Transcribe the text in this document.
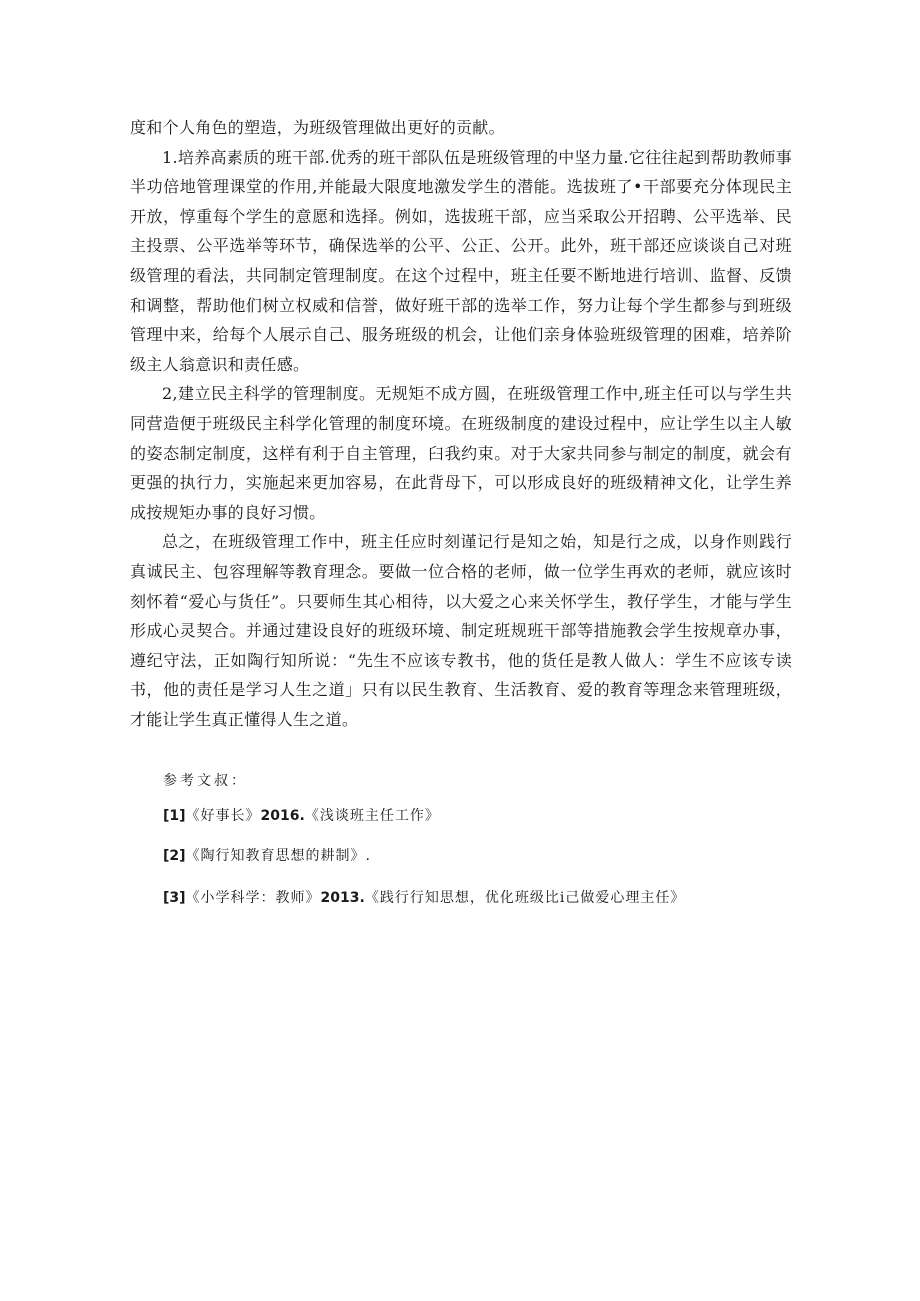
度和个人角色的塑造，为班级管理做出更好的贡献。

1.培养高素质的班干部.优秀的班干部队伍是班级管理的中坚力量.它往往起到帮助教师事半功倍地管理课堂的作用,并能最大限度地激发学生的潜能。选拔班了•干部要充分体现民主开放，惇重每个学生的意愿和选择。例如，选拔班干部，应当采取公开招聘、公平选举、民主投票、公平选举等环节，确保选举的公平、公正、公开。此外，班干部还应谈谈自己对班级管理的看法，共同制定管理制度。在这个过程中，班主任要不断地进行培训、监督、反馈和调整，帮助他们树立权威和信誉，做好班干部的选举工作，努力让每个学生都参与到班级管理中来，给每个人展示自己、服务班级的机会，让他们亲身体验班级管理的困难，培养阶级主人翁意识和责任感。

2,建立民主科学的管理制度。无规矩不成方圆，在班级管理工作中,班主任可以与学生共同营造便于班级民主科学化管理的制度环境。在班级制度的建设过程中，应让学生以主人敏的姿态制定制度，这样有利于自主管理，臼我约束。对于大家共同参与制定的制度，就会有更强的执行力，实施起来更加容易，在此背母下，可以形成良好的班级精神文化，让学生养成按规矩办事的良好习惯。

总之，在班级管理工作中，班主任应时刻谨记行是知之始，知是行之成，以身作则践行真诚民主、包容理解等教育理念。要做一位合格的老师，做一位学生再欢的老师，就应该时刻怀着“爱心与货任”。只要师生其心相待，以大爱之心来关怀学生，教仔学生，才能与学生形成心灵契合。并通过建设良好的班级环境、制定班规班干部等措施教会学生按规章办事，遵纪守法，正如陶行知所说：“先生不应该专教书，他的货任是教人做人：学生不应该专读书，他的责任是学习人生之道」只有以民生教育、生活教育、爱的教育等理念来管理班级，才能让学生真正懂得人生之道。

参考文叔：

[1]《好事长》2016.《浅谈班主任工作》

[2]《陶行知教育思想的耕制》.

[3]《小学科学：教师》2013.《践行行知思想，优化班级比i己做爱心理主任》
